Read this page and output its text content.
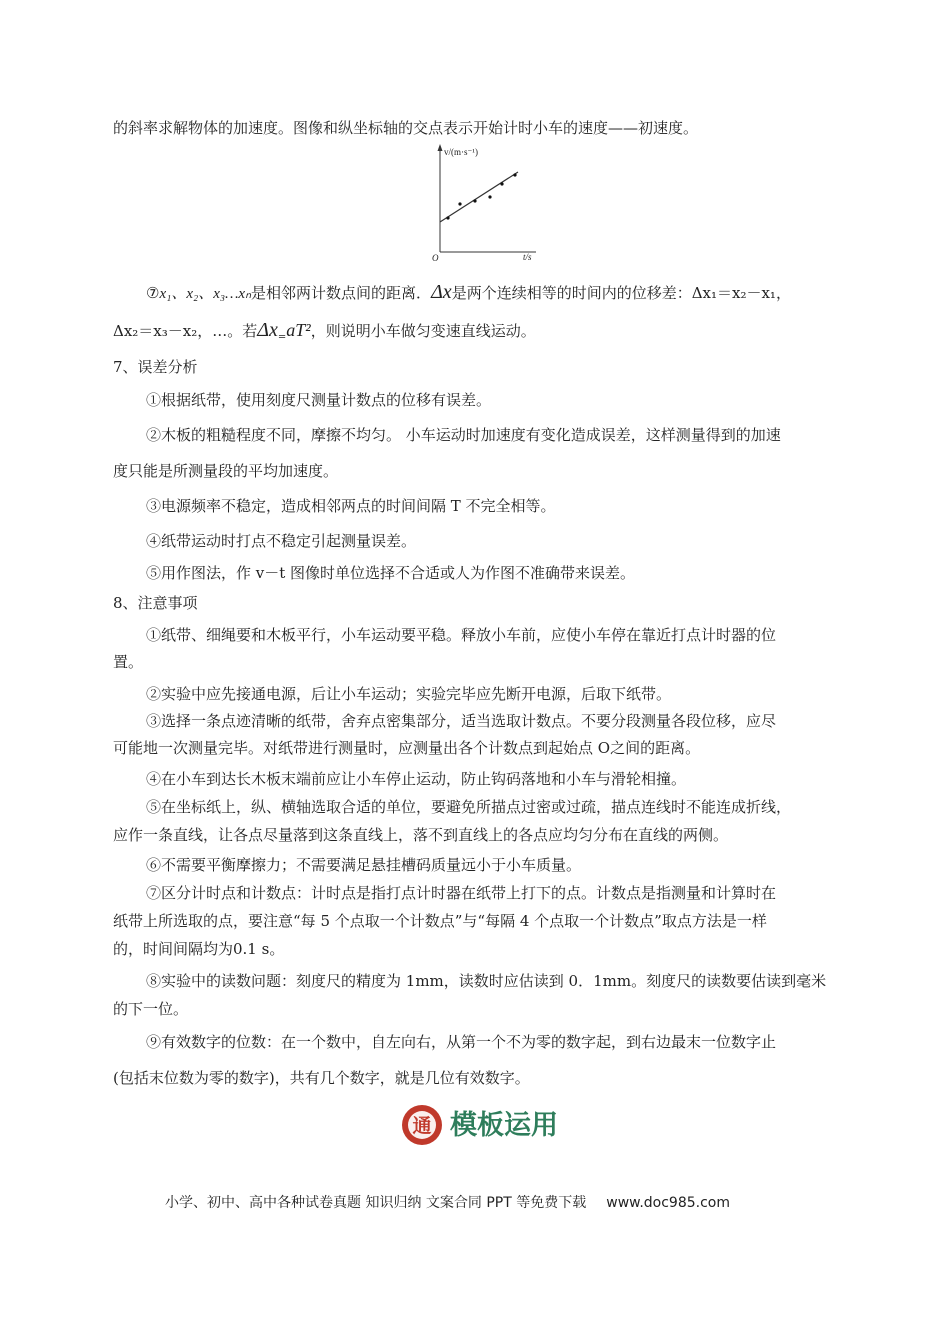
的斜率求解物体的加速度。图像和纵坐标轴的交点表示开始计时小车的速度——初速度。
v/(m·s⁻¹)
t/s
O
⑦x₁、x₂、x₃…xₙ是相邻两计数点间的距离．Δx是两个连续相等的时间内的位移差：Δx₁＝x₂－x₁，
Δx₂＝x₃－x₂，…。若$\Delta x_=aT^2$，则说明小车做匀变速直线运动。
7、误差分析
①根据纸带，使用刻度尺测量计数点的位移有误差。
②木板的粗糙程度不同，摩擦不均匀。 小车运动时加速度有变化造成误差，这样测量得到的加速
度只能是所测量段的平均加速度。
③电源频率不稳定，造成相邻两点的时间间隔 T 不完全相等。
④纸带运动时打点不稳定引起测量误差。
⑤用作图法，作 v－t 图像时单位选择不合适或人为作图不准确带来误差。
8、注意事项
①纸带、细绳要和木板平行，小车运动要平稳。释放小车前，应使小车停在靠近打点计时器的位
置。
②实验中应先接通电源，后让小车运动；实验完毕应先断开电源，后取下纸带。
③选择一条点迹清晰的纸带，舍弃点密集部分，适当选取计数点。不要分段测量各段位移，应尽
可能地一次测量完毕。对纸带进行测量时，应测量出各个计数点到起始点 O之间的距离。
④在小车到达长木板末端前应让小车停止运动，防止钩码落地和小车与滑轮相撞。
⑤在坐标纸上，纵、横轴选取合适的单位，要避免所描点过密或过疏，描点连线时不能连成折线，
应作一条直线，让各点尽量落到这条直线上，落不到直线上的各点应均匀分布在直线的两侧。
⑥不需要平衡摩擦力；不需要满足悬挂槽码质量远小于小车质量。
⑦区分计时点和计数点：计时点是指打点计时器在纸带上打下的点。计数点是指测量和计算时在
纸带上所选取的点，要注意“每 5 个点取一个计数点”与“每隔 4 个点取一个计数点”取点方法是一样
的，时间间隔均为0.1 s。
⑧实验中的读数问题：刻度尺的精度为 1mm，读数时应估读到 0．1mm。刻度尺的读数要估读到毫米
的下一位。
⑨有效数字的位数：在一个数中，自左向右，从第一个不为零的数字起，到右边最末一位数字止
(包括末位数为零的数字)，共有几个数字，就是几位有效数字。
通 模板运用
小学、初中、高中各种试卷真题 知识归纳 文案合同 PPT 等免费下载 www.doc985.com
